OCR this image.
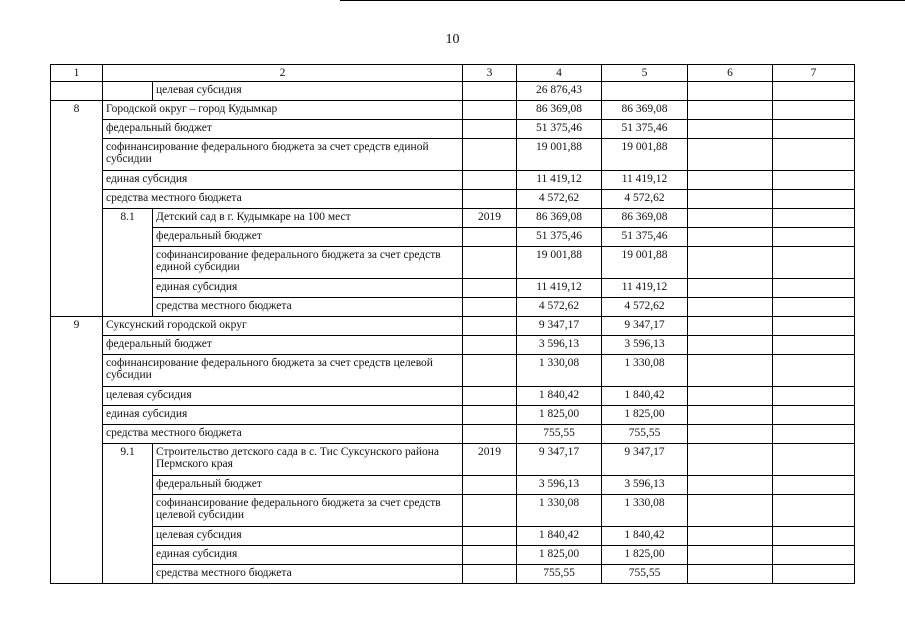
10
1	2		3	4	5	6	7
		целевая субсидия		26 876,43			
8	Городской округ – город Кудымкар			86 369,08	86 369,08		
	федеральный бюджет			51 375,46	51 375,46		
	софинансирование федерального бюджета за счет средств единой субсидии			19 001,88	19 001,88		
	единая субсидия			11 419,12	11 419,12		
	средства местного бюджета			4 572,62	4 572,62		
	8.1	Детский сад в г. Кудымкаре на 100 мест	2019	86 369,08	86 369,08		
		федеральный бюджет		51 375,46	51 375,46		
		софинансирование федерального бюджета за счет средств единой субсидии		19 001,88	19 001,88		
		единая субсидия		11 419,12	11 419,12		
		средства местного бюджета		4 572,62	4 572,62		
9	Суксунский городской округ			9 347,17	9 347,17		
	федеральный бюджет			3 596,13	3 596,13		
	софинансирование федерального бюджета за счет средств целевой субсидии			1 330,08	1 330,08		
	целевая субсидия			1 840,42	1 840,42		
	единая субсидия			1 825,00	1 825,00		
	средства местного бюджета			755,55	755,55		
	9.1	Строительство детского сада в с. Тис Суксунского района Пермского края	2019	9 347,17	9 347,17		
		федеральный бюджет		3 596,13	3 596,13		
		софинансирование федерального бюджета за счет средств целевой субсидии		1 330,08	1 330,08		
		целевая субсидия		1 840,42	1 840,42		
		единая субсидия		1 825,00	1 825,00		
		средства местного бюджета		755,55	755,55		
